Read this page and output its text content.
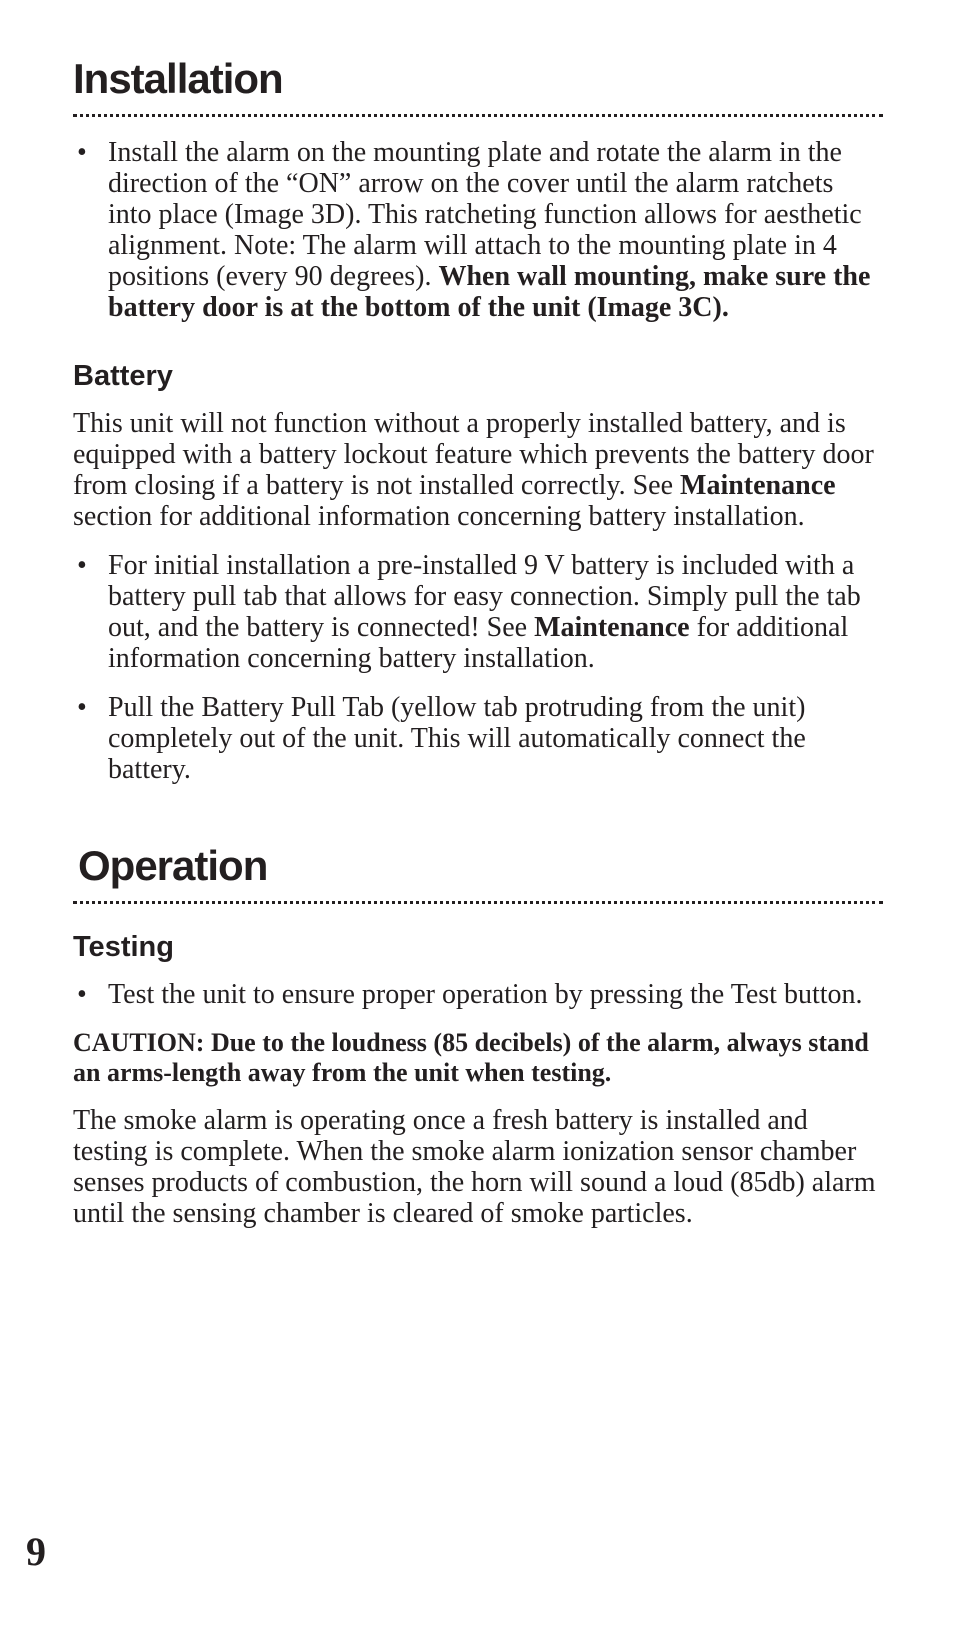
Installation

• Install the alarm on the mounting plate and rotate the alarm in the direction of the “ON” arrow on the cover until the alarm ratchets into place (Image 3D). This ratcheting function allows for aesthetic alignment. Note: The alarm will attach to the mounting plate in 4 positions (every 90 degrees). When wall mounting, make sure the battery door is at the bottom of the unit (Image 3C).

Battery

This unit will not function without a properly installed battery, and is equipped with a battery lockout feature which prevents the battery door from closing if a battery is not installed correctly. See Maintenance section for additional information concerning battery installation.

• For initial installation a pre-installed 9 V battery is included with a battery pull tab that allows for easy connection. Simply pull the tab out, and the battery is connected! See Maintenance for additional information concerning battery installation.

• Pull the Battery Pull Tab (yellow tab protruding from the unit) completely out of the unit. This will automatically connect the battery.

Operation
Testing

• Test the unit to ensure proper operation by pressing the Test button.

CAUTION: Due to the loudness (85 decibels) of the alarm, always stand an arms-length away from the unit when testing.

The smoke alarm is operating once a fresh battery is installed and testing is complete. When the smoke alarm ionization sensor chamber senses products of combustion, the horn will sound a loud (85db) alarm until the sensing chamber is cleared of smoke particles.

9
